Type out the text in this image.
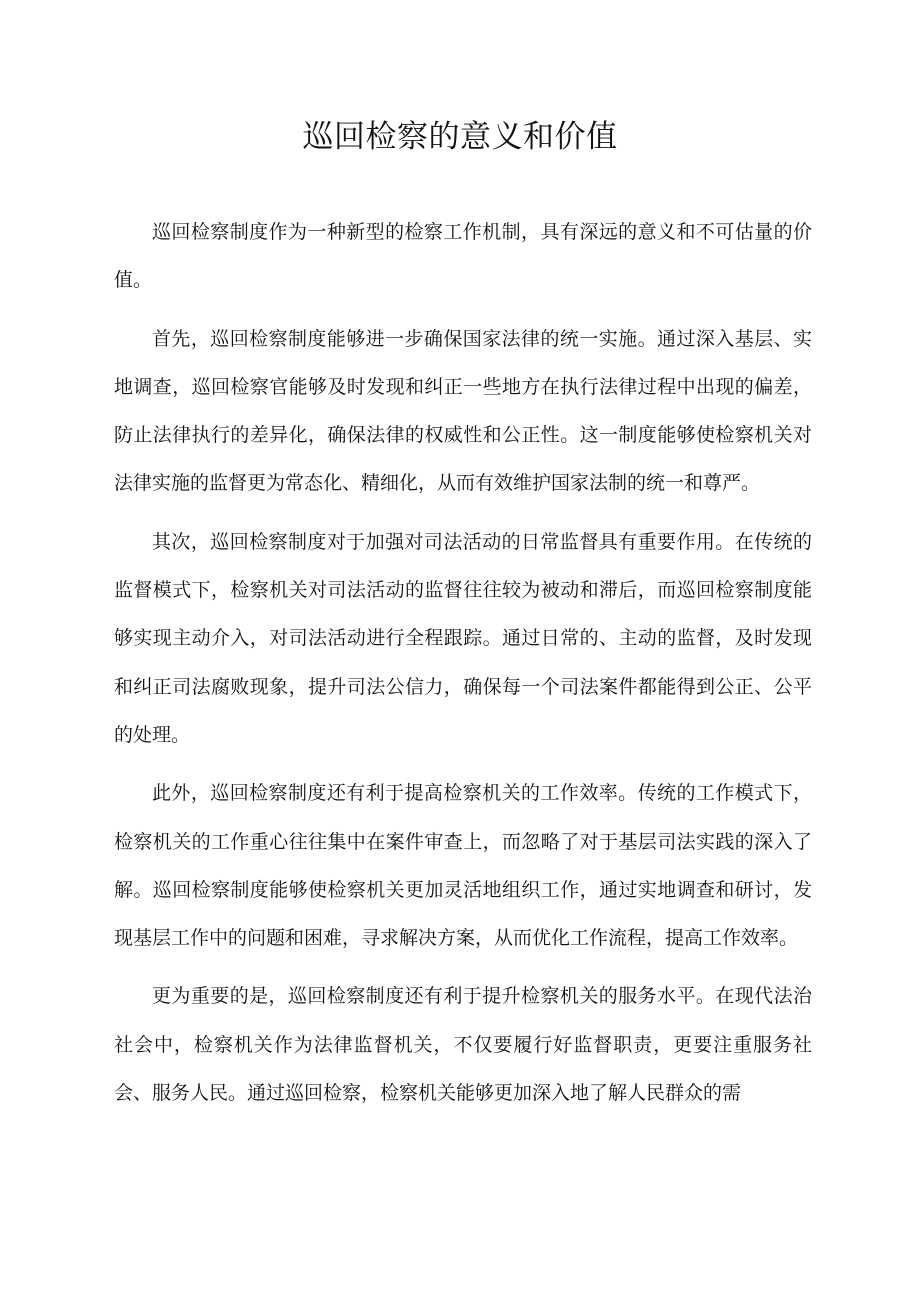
巡回检察的意义和价值

巡回检察制度作为一种新型的检察工作机制，具有深远的意义和不可估量的价值。

首先，巡回检察制度能够进一步确保国家法律的统一实施。通过深入基层、实地调查，巡回检察官能够及时发现和纠正一些地方在执行法律过程中出现的偏差，防止法律执行的差异化，确保法律的权威性和公正性。这一制度能够使检察机关对法律实施的监督更为常态化、精细化，从而有效维护国家法制的统一和尊严。

其次，巡回检察制度对于加强对司法活动的日常监督具有重要作用。在传统的监督模式下，检察机关对司法活动的监督往往较为被动和滞后，而巡回检察制度能够实现主动介入，对司法活动进行全程跟踪。通过日常的、主动的监督，及时发现和纠正司法腐败现象，提升司法公信力，确保每一个司法案件都能得到公正、公平的处理。

此外，巡回检察制度还有利于提高检察机关的工作效率。传统的工作模式下，检察机关的工作重心往往集中在案件审查上，而忽略了对于基层司法实践的深入了解。巡回检察制度能够使检察机关更加灵活地组织工作，通过实地调查和研讨，发现基层工作中的问题和困难，寻求解决方案，从而优化工作流程，提高工作效率。

更为重要的是，巡回检察制度还有利于提升检察机关的服务水平。在现代法治社会中，检察机关作为法律监督机关，不仅要履行好监督职责，更要注重服务社会、服务人民。通过巡回检察，检察机关能够更加深入地了解人民群众的需
